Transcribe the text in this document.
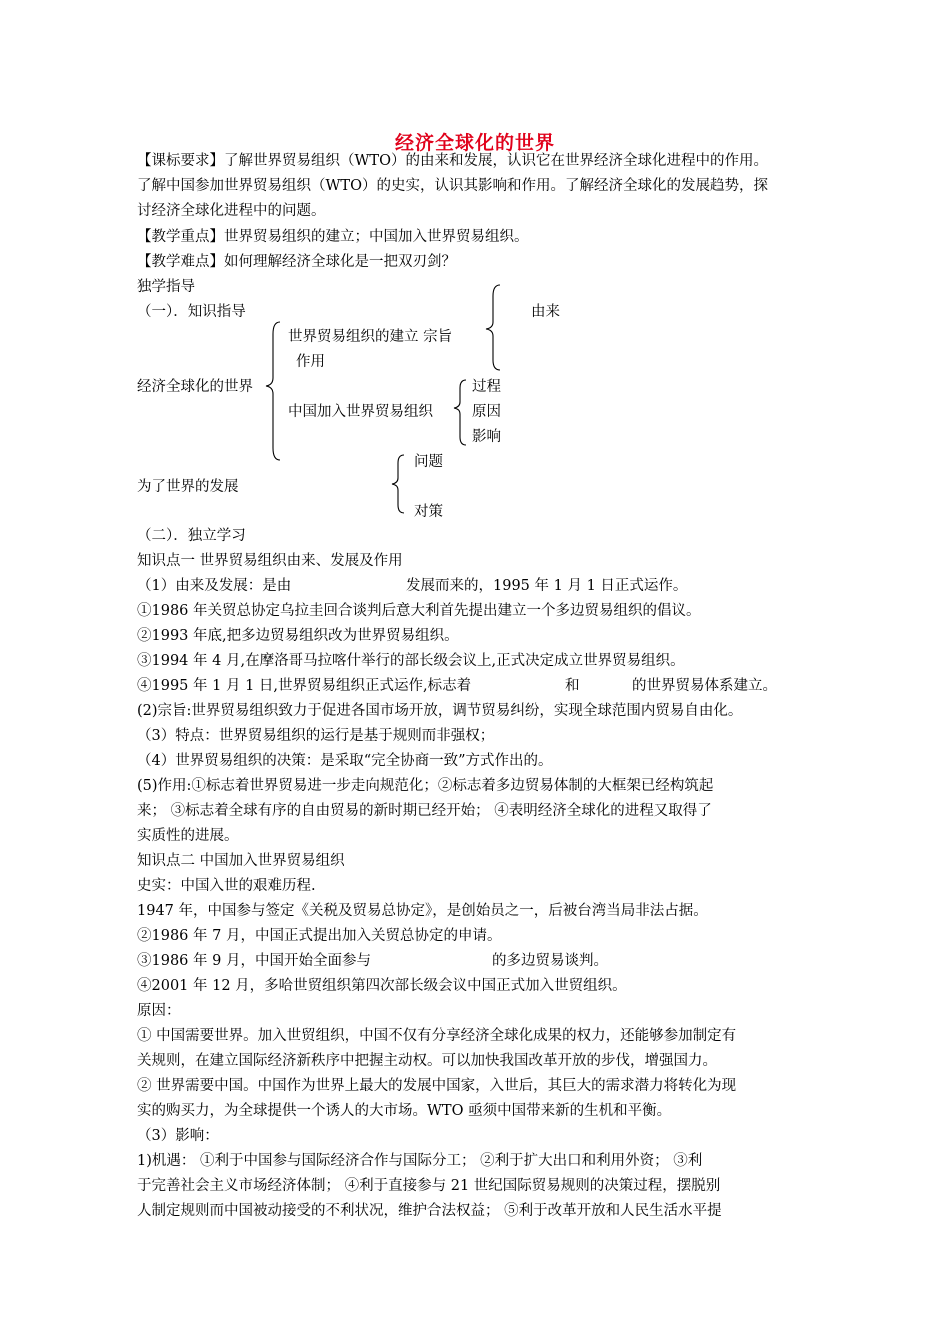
经济全球化的世界
【课标要求】了解世界贸易组织（WTO）的由来和发展，认识它在世界经济全球化进程中的作用。
了解中国参加世界贸易组织（WTO）的史实，认识其影响和作用。了解经济全球化的发展趋势，探
讨经济全球化进程中的问题。
【教学重点】世界贸易组织的建立；中国加入世界贸易组织。
【教学难点】如何理解经济全球化是一把双刃剑？
独学指导
（一）．知识指导
经济全球化的世界
世界贸易组织的建立 宗旨
作用
由来
中国加入世界贸易组织
过程
原因
影响
为了世界的发展
问题
对策
（二）．独立学习
知识点一 世界贸易组织由来、发展及作用
（1）由来及发展：是由	发展而来的，1995 年 1 月 1 日正式运作。
①1986 年关贸总协定乌拉圭回合谈判后意大利首先提出建立一个多边贸易组织的倡议。
②1993 年底,把多边贸易组织改为世界贸易组织。
③1994 年 4 月,在摩洛哥马拉喀什举行的部长级会议上,正式决定成立世界贸易组织。
④1995 年 1 月 1 日,世界贸易组织正式运作,标志着	和	的世界贸易体系建立。
(2)宗旨:世界贸易组织致力于促进各国市场开放，调节贸易纠纷，实现全球范围内贸易自由化。
（3）特点：世界贸易组织的运行是基于规则而非强权；
（4）世界贸易组织的决策：是采取“完全协商一致”方式作出的。
(5)作用:①标志着世界贸易进一步走向规范化；②标志着多边贸易体制的大框架已经构筑起
来； ③标志着全球有序的自由贸易的新时期已经开始； ④表明经济全球化的进程又取得了
实质性的进展。
知识点二 中国加入世界贸易组织
史实：中国入世的艰难历程.
1947 年，中国参与签定《关税及贸易总协定》，是创始员之一，后被台湾当局非法占据。
②1986 年 7 月，中国正式提出加入关贸总协定的申请。
③1986 年 9 月，中国开始全面参与	的多边贸易谈判。
④2001 年 12 月，多哈世贸组织第四次部长级会议中国正式加入世贸组织。
原因：
① 中国需要世界。加入世贸组织，中国不仅有分享经济全球化成果的权力，还能够参加制定有
关规则，在建立国际经济新秩序中把握主动权。可以加快我国改革开放的步伐，增强国力。
② 世界需要中国。中国作为世界上最大的发展中国家，入世后，其巨大的需求潜力将转化为现
实的购买力，为全球提供一个诱人的大市场。WTO 亟须中国带来新的生机和平衡。
（3）影响：
1)机遇： ①利于中国参与国际经济合作与国际分工； ②利于扩大出口和利用外资； ③利
于完善社会主义市场经济体制； ④利于直接参与 21 世纪国际贸易规则的决策过程，摆脱别
人制定规则而中国被动接受的不利状况，维护合法权益； ⑤利于改革开放和人民生活水平提
